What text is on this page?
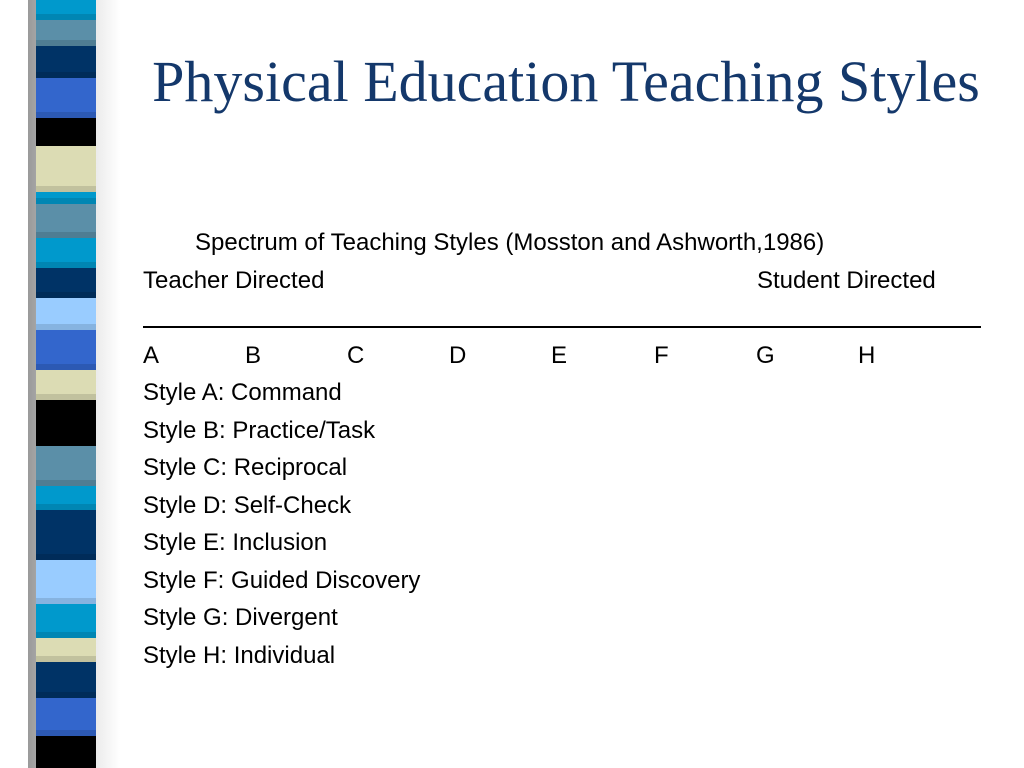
Physical Education Teaching Styles
Spectrum of Teaching Styles (Mosston and Ashworth,1986)
Teacher Directed	Student Directed
A	B	C	D	E	F	G	H
Style A: Command
Style B: Practice/Task
Style C: Reciprocal
Style D: Self-Check
Style E: Inclusion
Style F: Guided Discovery
Style G: Divergent
Style H: Individual
